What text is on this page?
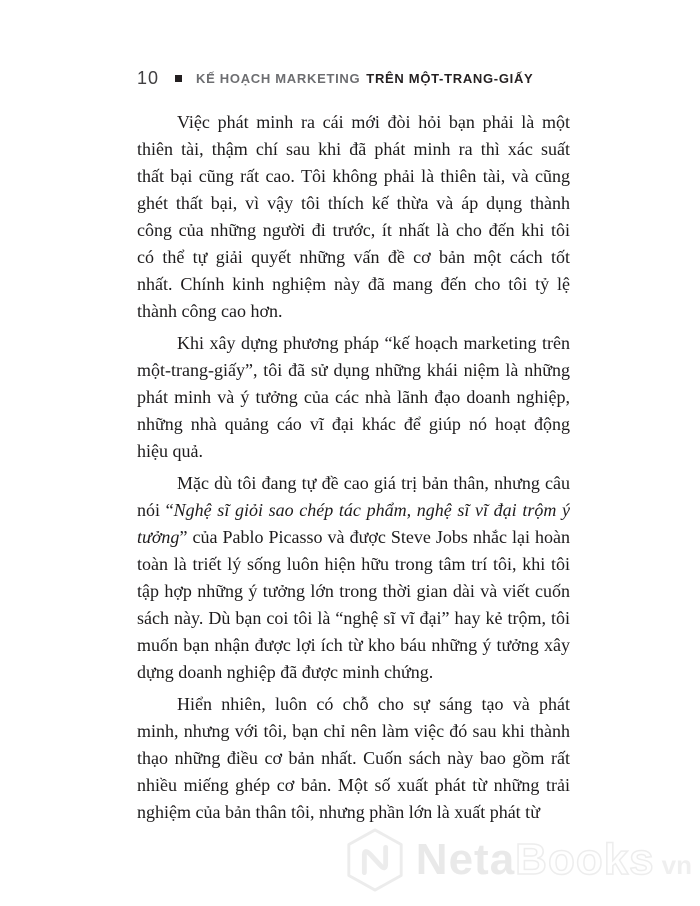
10	KẾ HOẠCH MARKETING TRÊN MỘT-TRANG-GIẤY
Việc phát minh ra cái mới đòi hỏi bạn phải là một
thiên tài, thậm chí sau khi đã phát minh ra thì xác suất
thất bại cũng rất cao. Tôi không phải là thiên tài, và cũng
ghét thất bại, vì vậy tôi thích kế thừa và áp dụng thành
công của những người đi trước, ít nhất là cho đến khi tôi
có thể tự giải quyết những vấn đề cơ bản một cách tốt
nhất. Chính kinh nghiệm này đã mang đến cho tôi tỷ lệ
thành công cao hơn.
Khi xây dựng phương pháp “kế hoạch marketing trên
một-trang-giấy”, tôi đã sử dụng những khái niệm là những
phát minh và ý tưởng của các nhà lãnh đạo doanh nghiệp,
những nhà quảng cáo vĩ đại khác để giúp nó hoạt động
hiệu quả.
Mặc dù tôi đang tự đề cao giá trị bản thân, nhưng câu
nói “Nghệ sĩ giỏi sao chép tác phẩm, nghệ sĩ vĩ đại trộm ý
tưởng” của Pablo Picasso và được Steve Jobs nhắc lại hoàn
toàn là triết lý sống luôn hiện hữu trong tâm trí tôi, khi tôi
tập hợp những ý tưởng lớn trong thời gian dài và viết cuốn
sách này. Dù bạn coi tôi là “nghệ sĩ vĩ đại” hay kẻ trộm, tôi
muốn bạn nhận được lợi ích từ kho báu những ý tưởng xây
dựng doanh nghiệp đã được minh chứng.
Hiển nhiên, luôn có chỗ cho sự sáng tạo và phát
minh, nhưng với tôi, bạn chỉ nên làm việc đó sau khi thành
thạo những điều cơ bản nhất. Cuốn sách này bao gồm rất
nhiều miếng ghép cơ bản. Một số xuất phát từ những trải
nghiệm của bản thân tôi, nhưng phần lớn là xuất phát từ
Neta Books vn
